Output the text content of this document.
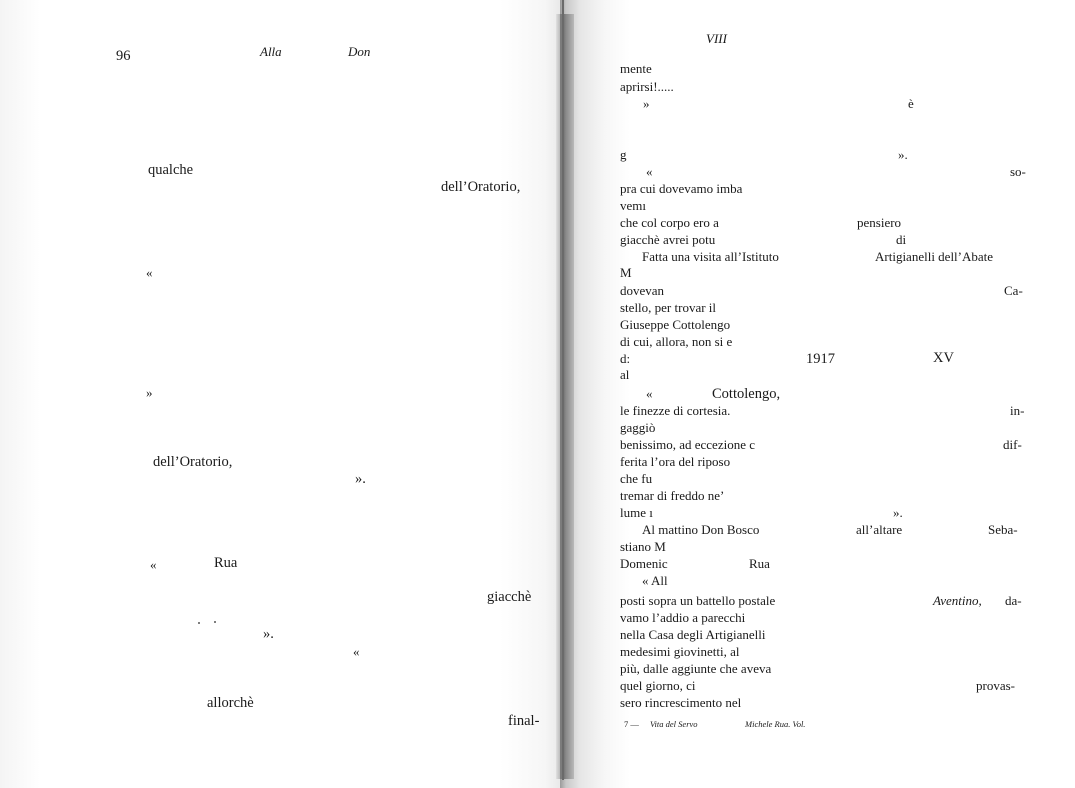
96	Alla	Don
qualche
dell’Oratorio,
«
»
dell’Oratorio,
».
«	Rua
giacchè
».
«
allorchè
final-
VIII
mente
aprirsi!.....
»	è
g	».
«	so-
pra cui dovevamo imba
vemı
che col corpo ero a	pensiero
giacchè avrei potu	di
Fatta una visita all’Istituto	Artigianelli dell’Abate
M
dovevan	Ca-
stello, per trovar il
Giuseppe Cottolengo
di cui, allora, non si e
d:	1917	XV
al
«	Cottolengo,
le finezze di cortesia.	in-
gaggiò
benissimo, ad eccezione c	dif-
ferita l’ora del riposo
che fu
tremar di freddo ne’
lume ı	».
Al mattino Don Bosco	all’altare	Seba-
stiano M
Domenic	Rua
« All
posti sopra un battello postale	Aventino, da-
vamo l’addio a parecchi
nella Casa degli Artigianelli
medesimi giovinetti, al
più, dalle aggiunte che aveva
quel giorno, ci	provas-
sero rincrescimento nel
7 — Vita del Servo	Michele Rua. Vol.
